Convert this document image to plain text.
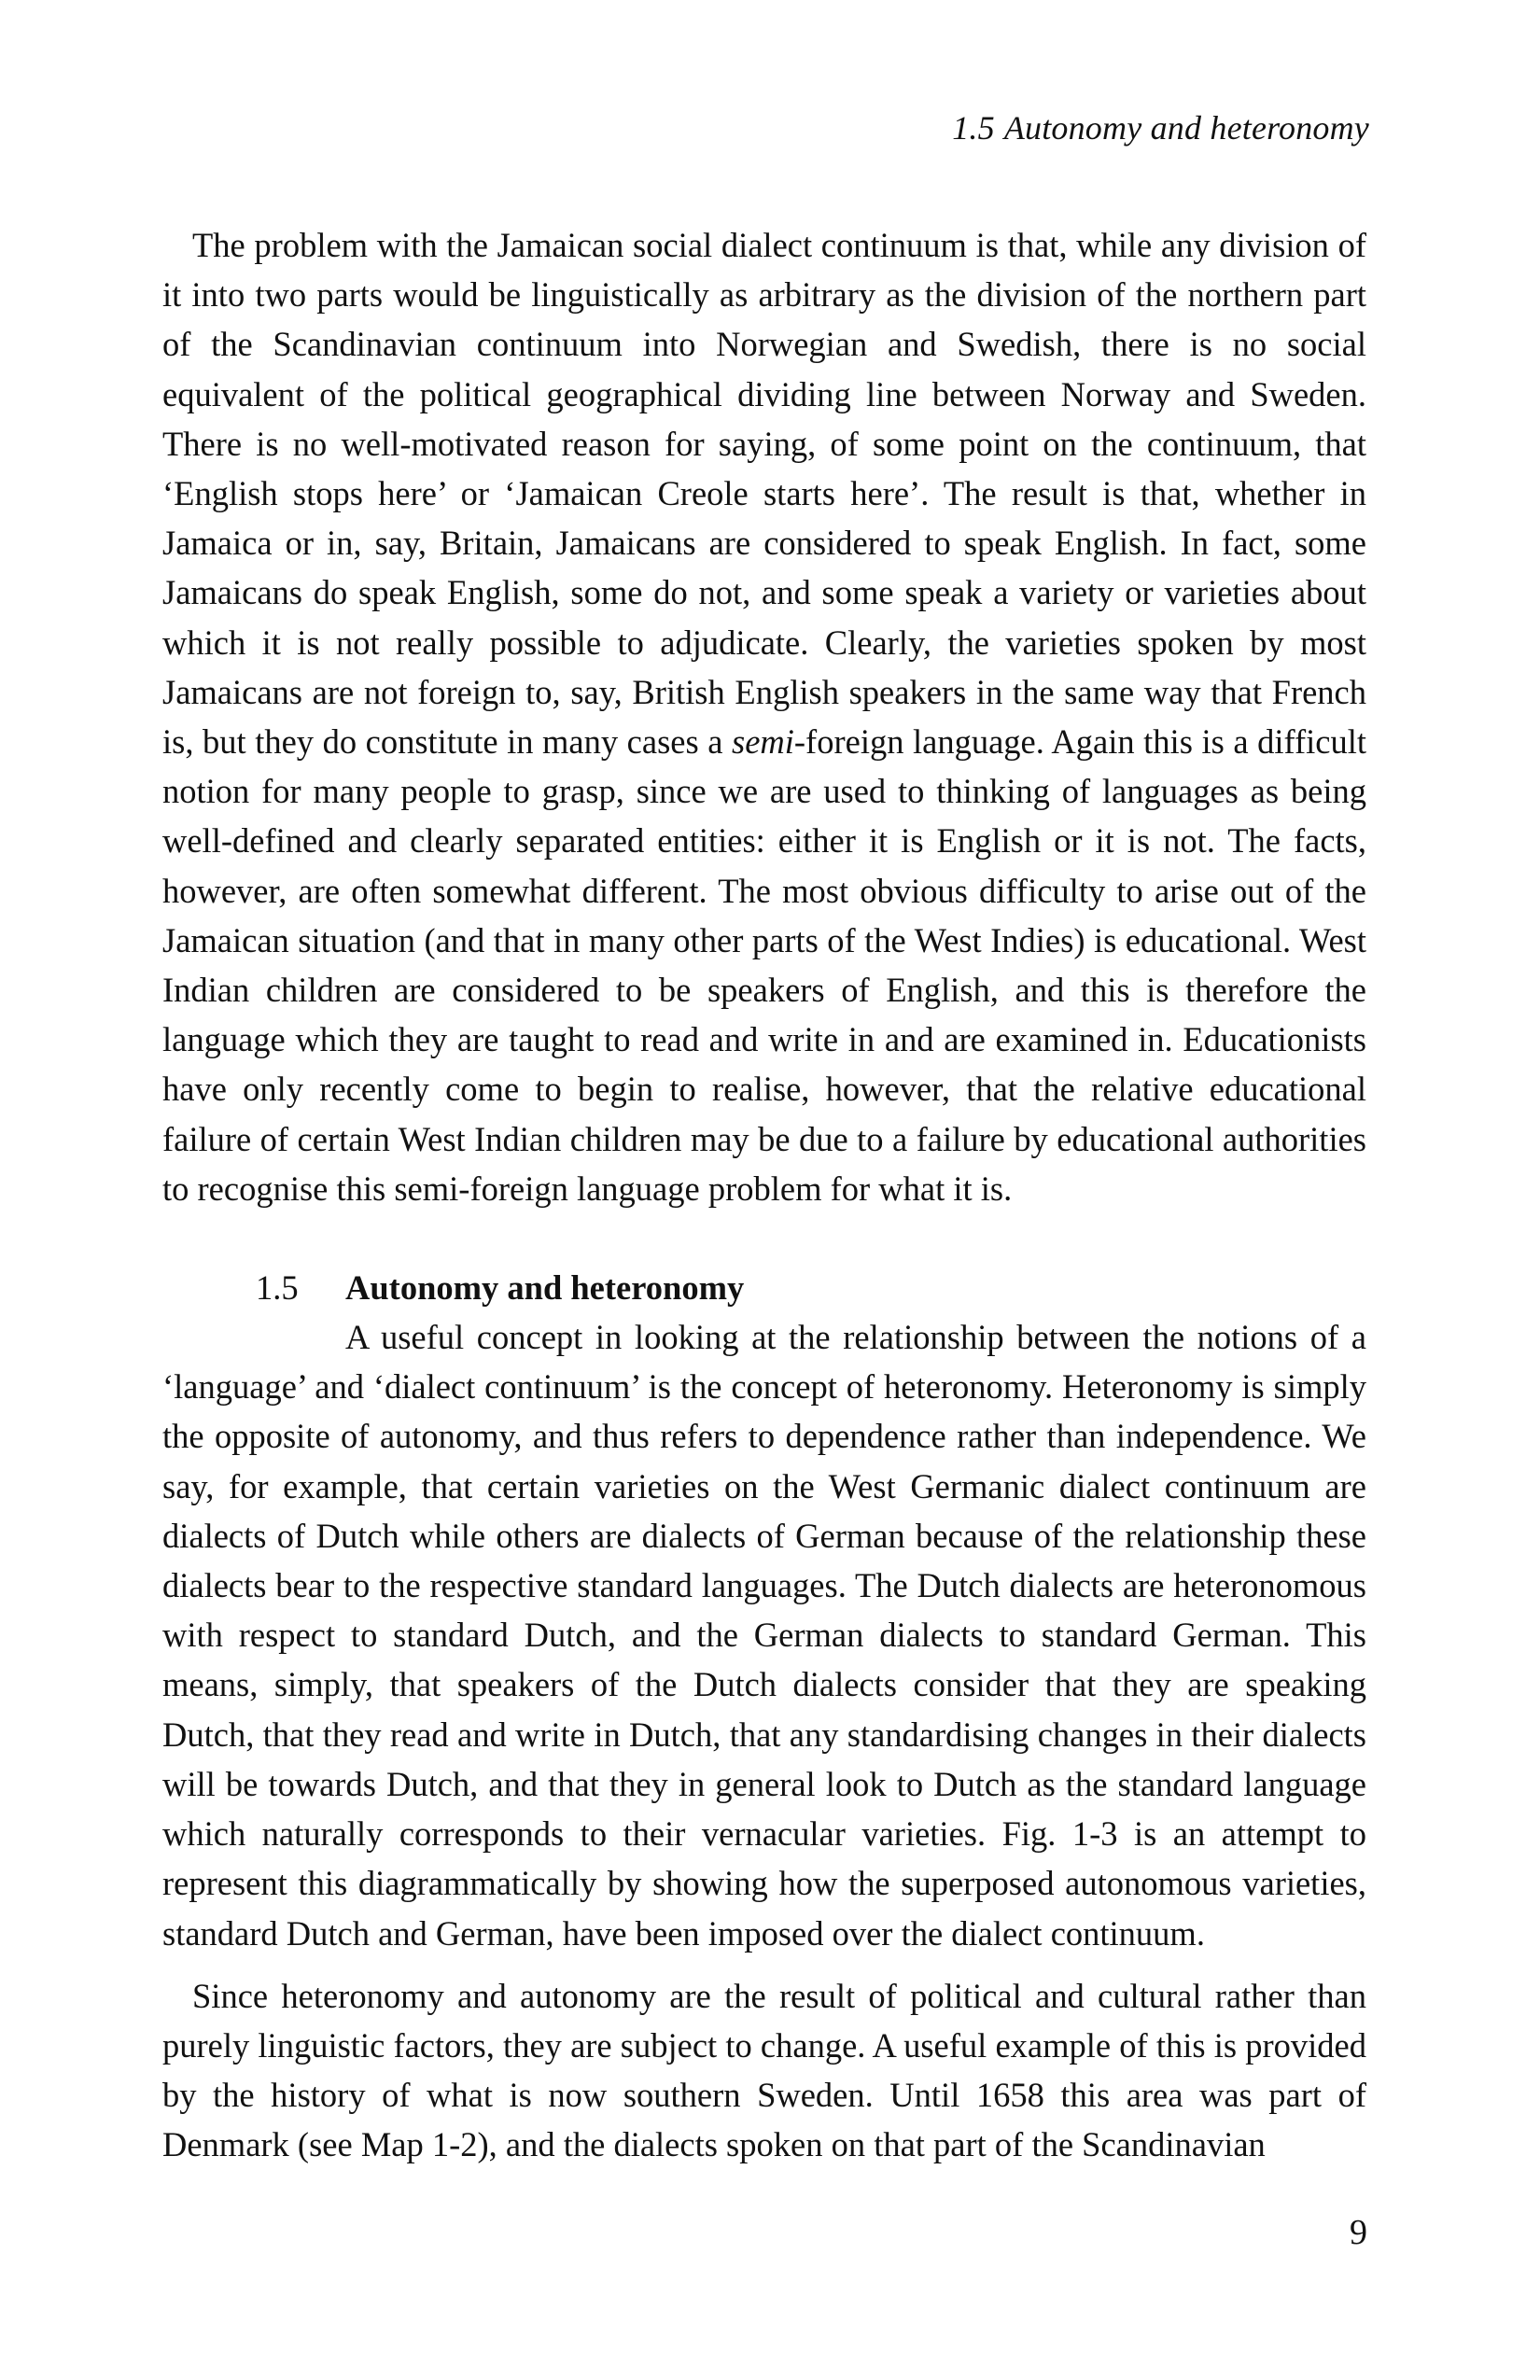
1.5 Autonomy and heteronomy

The problem with the Jamaican social dialect continuum is that, while any division of it into two parts would be linguistically as arbitrary as the division of the northern part of the Scandinavian continuum into Norwegian and Swedish, there is no social equivalent of the political geographical dividing line between Norway and Sweden. There is no well-motivated reason for saying, of some point on the continuum, that ‘English stops here’ or ‘Jamaican Creole starts here’. The result is that, whether in Jamaica or in, say, Britain, Jamaicans are considered to speak English. In fact, some Jamaicans do speak English, some do not, and some speak a variety or varieties about which it is not really possible to adjudicate. Clearly, the varieties spoken by most Jamaicans are not foreign to, say, British English speakers in the same way that French is, but they do constitute in many cases a semi-foreign language. Again this is a difficult notion for many people to grasp, since we are used to thinking of languages as being well-defined and clearly separated entities: either it is English or it is not. The facts, however, are often somewhat different. The most obvious difficulty to arise out of the Jamaican situation (and that in many other parts of the West Indies) is educational. West Indian children are considered to be speakers of English, and this is therefore the language which they are taught to read and write in and are examined in. Educationists have only recently come to begin to realise, however, that the relative educational failure of certain West Indian children may be due to a failure by educational authorities to recognise this semi-foreign language problem for what it is.

1.5 Autonomy and heteronomy

A useful concept in looking at the relationship between the notions of a ‘language’ and ‘dialect continuum’ is the concept of heteronomy. Heteronomy is simply the opposite of autonomy, and thus refers to dependence rather than independence. We say, for example, that certain varieties on the West Germanic dialect continuum are dialects of Dutch while others are dialects of German because of the relationship these dialects bear to the respective standard languages. The Dutch dialects are heteronomous with respect to standard Dutch, and the German dialects to standard German. This means, simply, that speakers of the Dutch dialects consider that they are speaking Dutch, that they read and write in Dutch, that any standardising changes in their dialects will be towards Dutch, and that they in general look to Dutch as the standard language which naturally corresponds to their vernacular varieties. Fig. 1-3 is an attempt to represent this diagrammatically by showing how the superposed autonomous varieties, standard Dutch and German, have been imposed over the dialect continuum.

Since heteronomy and autonomy are the result of political and cultural rather than purely linguistic factors, they are subject to change. A useful example of this is provided by the history of what is now southern Sweden. Until 1658 this area was part of Denmark (see Map 1-2), and the dialects spoken on that part of the Scandinavian

9
